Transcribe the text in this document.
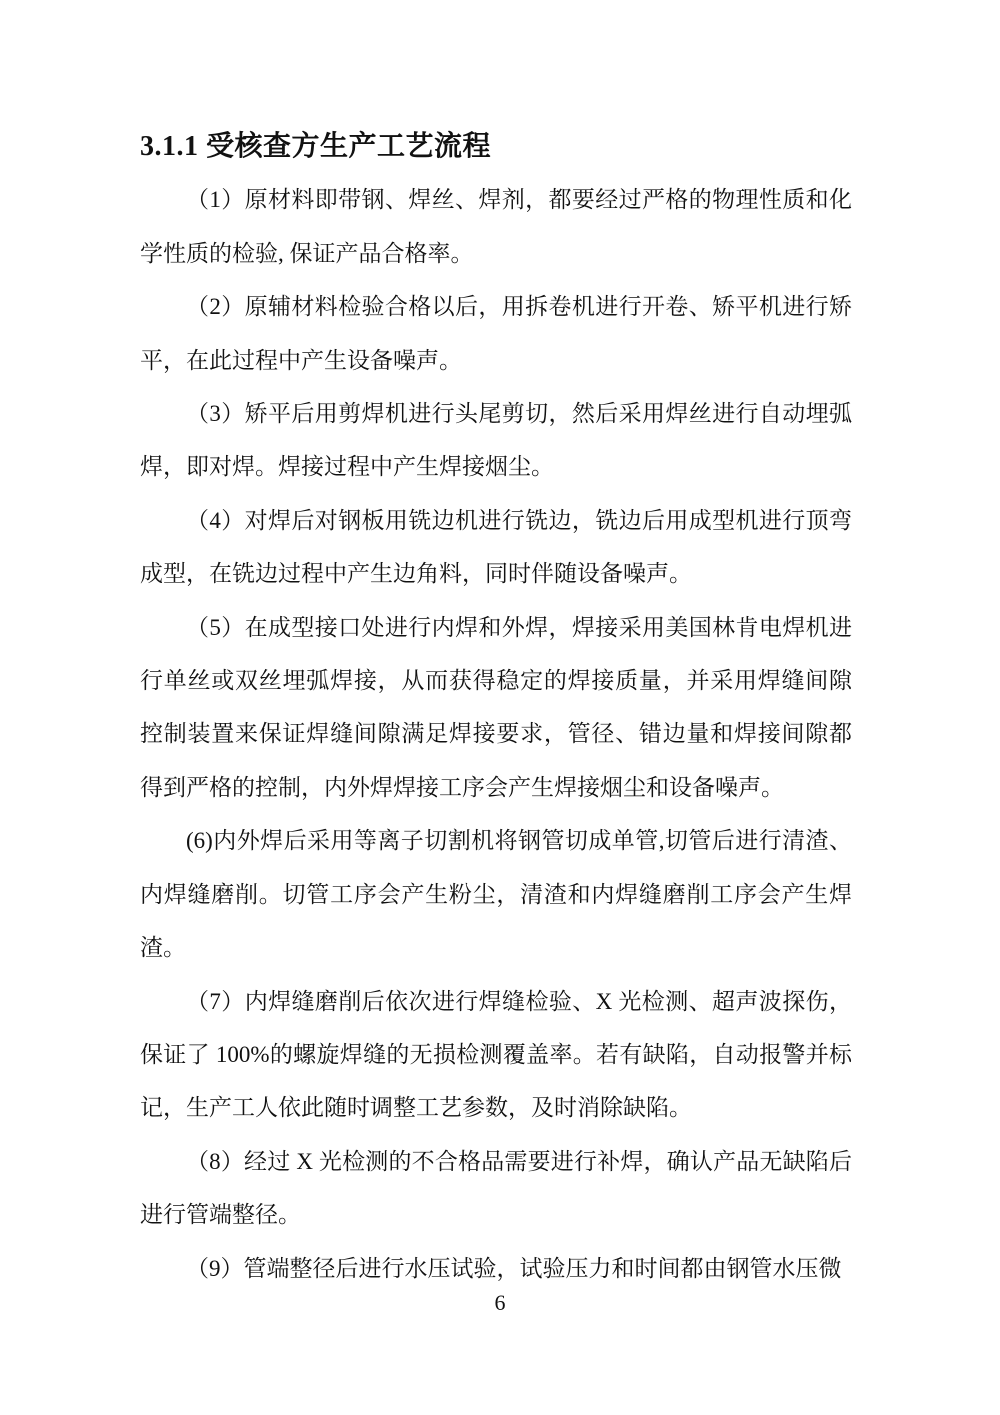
3.1.1 受核查方生产工艺流程

（1）原材料即带钢、焊丝、焊剂，都要经过严格的物理性质和化学性质的检验, 保证产品合格率。

（2）原辅材料检验合格以后，用拆卷机进行开卷、矫平机进行矫平，在此过程中产生设备噪声。

（3）矫平后用剪焊机进行头尾剪切，然后采用焊丝进行自动埋弧焊，即对焊。焊接过程中产生焊接烟尘。

（4）对焊后对钢板用铣边机进行铣边，铣边后用成型机进行顶弯成型，在铣边过程中产生边角料，同时伴随设备噪声。

（5）在成型接口处进行内焊和外焊，焊接采用美国林肯电焊机进行单丝或双丝埋弧焊接，从而获得稳定的焊接质量，并采用焊缝间隙控制装置来保证焊缝间隙满足焊接要求，管径、错边量和焊接间隙都得到严格的控制，内外焊焊接工序会产生焊接烟尘和设备噪声。

(6)内外焊后采用等离子切割机将钢管切成单管,切管后进行清渣、内焊缝磨削。切管工序会产生粉尘，清渣和内焊缝磨削工序会产生焊渣。

（7）内焊缝磨削后依次进行焊缝检验、X 光检测、超声波探伤，保证了 100%的螺旋焊缝的无损检测覆盖率。若有缺陷，自动报警并标记，生产工人依此随时调整工艺参数，及时消除缺陷。

（8）经过 X 光检测的不合格品需要进行补焊，确认产品无缺陷后进行管端整径。

（9）管端整径后进行水压试验，试验压力和时间都由钢管水压微

6
